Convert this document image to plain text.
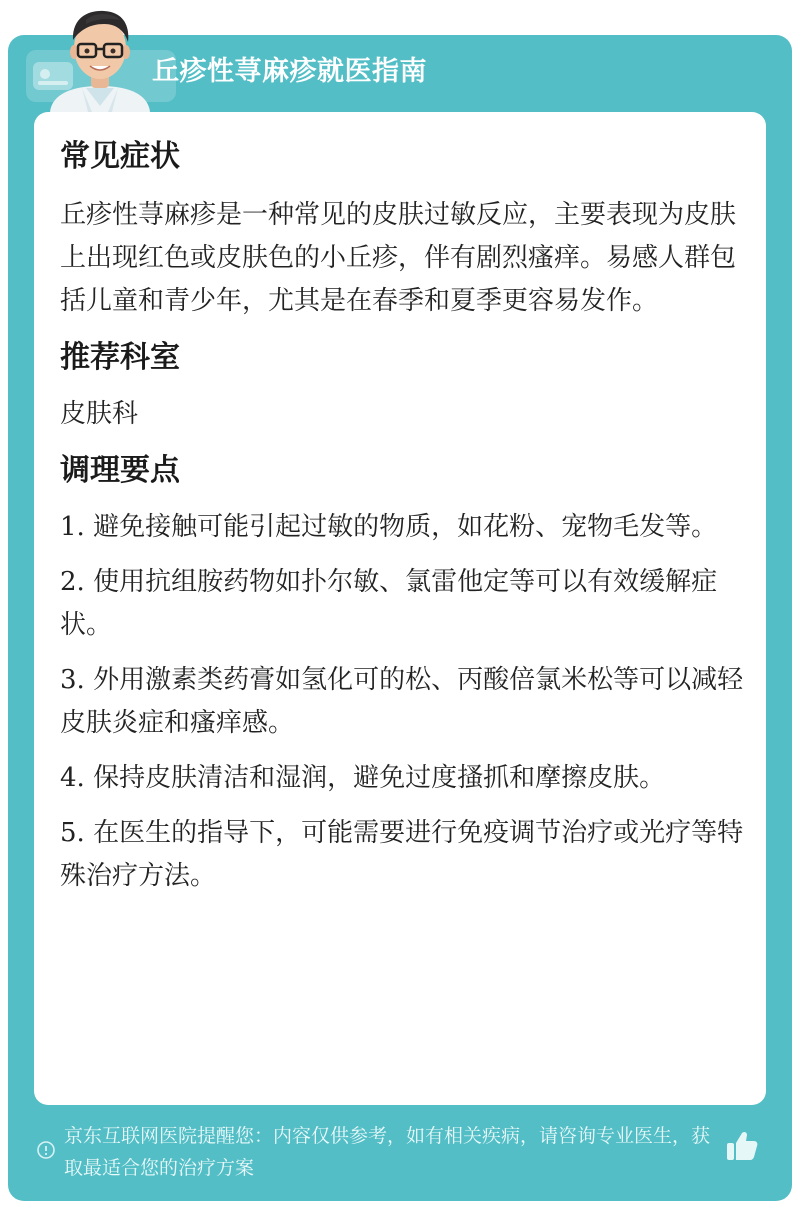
丘疹性荨麻疹就医指南
常见症状

丘疹性荨麻疹是一种常见的皮肤过敏反应，主要表现为皮肤上出现红色或皮肤色的小丘疹，伴有剧烈瘙痒。易感人群包括儿童和青少年，尤其是在春季和夏季更容易发作。

推荐科室

皮肤科

调理要点
1. 避免接触可能引起过敏的物质，如花粉、宠物毛发等。
2. 使用抗组胺药物如扑尔敏、氯雷他定等可以有效缓解症状。
3. 外用激素类药膏如氢化可的松、丙酸倍氯米松等可以减轻皮肤炎症和瘙痒感。
4. 保持皮肤清洁和湿润，避免过度搔抓和摩擦皮肤。
5. 在医生的指导下，可能需要进行免疫调节治疗或光疗等特殊治疗方法。
京东互联网医院提醒您：内容仅供参考，如有相关疾病，请咨询专业医生，获取最适合您的治疗方案
